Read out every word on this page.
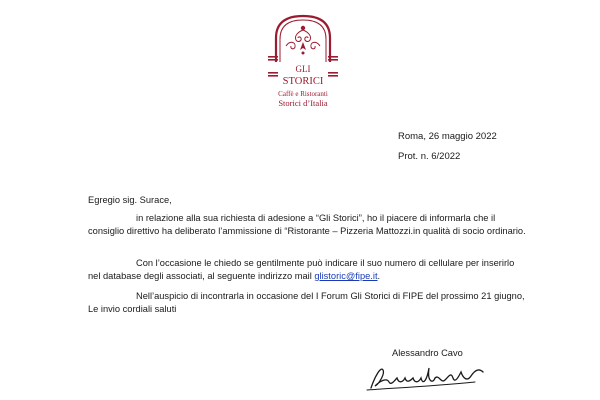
GLI
STORICI
Caffè e Ristoranti
Storici d’Italia
Roma, 26 maggio 2022
Prot. n. 6/2022
Egregio sig. Surace,
in relazione alla sua richiesta di adesione a “Gli Storici”, ho il piacere di informarla che il consiglio direttivo ha deliberato l’ammissione di “Ristorante – Pizzeria Mattozzi.in qualità di socio ordinario.
Con l’occasione le chiedo se gentilmente può indicare il suo numero di cellulare per inserirlo nel database degli associati, al seguente indirizzo mail glistoric@fipe.it.
Nell’auspicio di incontrarla in occasione del I Forum Gli Storici di FIPE del prossimo 21 giugno, Le invio cordiali saluti
Alessandro Cavo
